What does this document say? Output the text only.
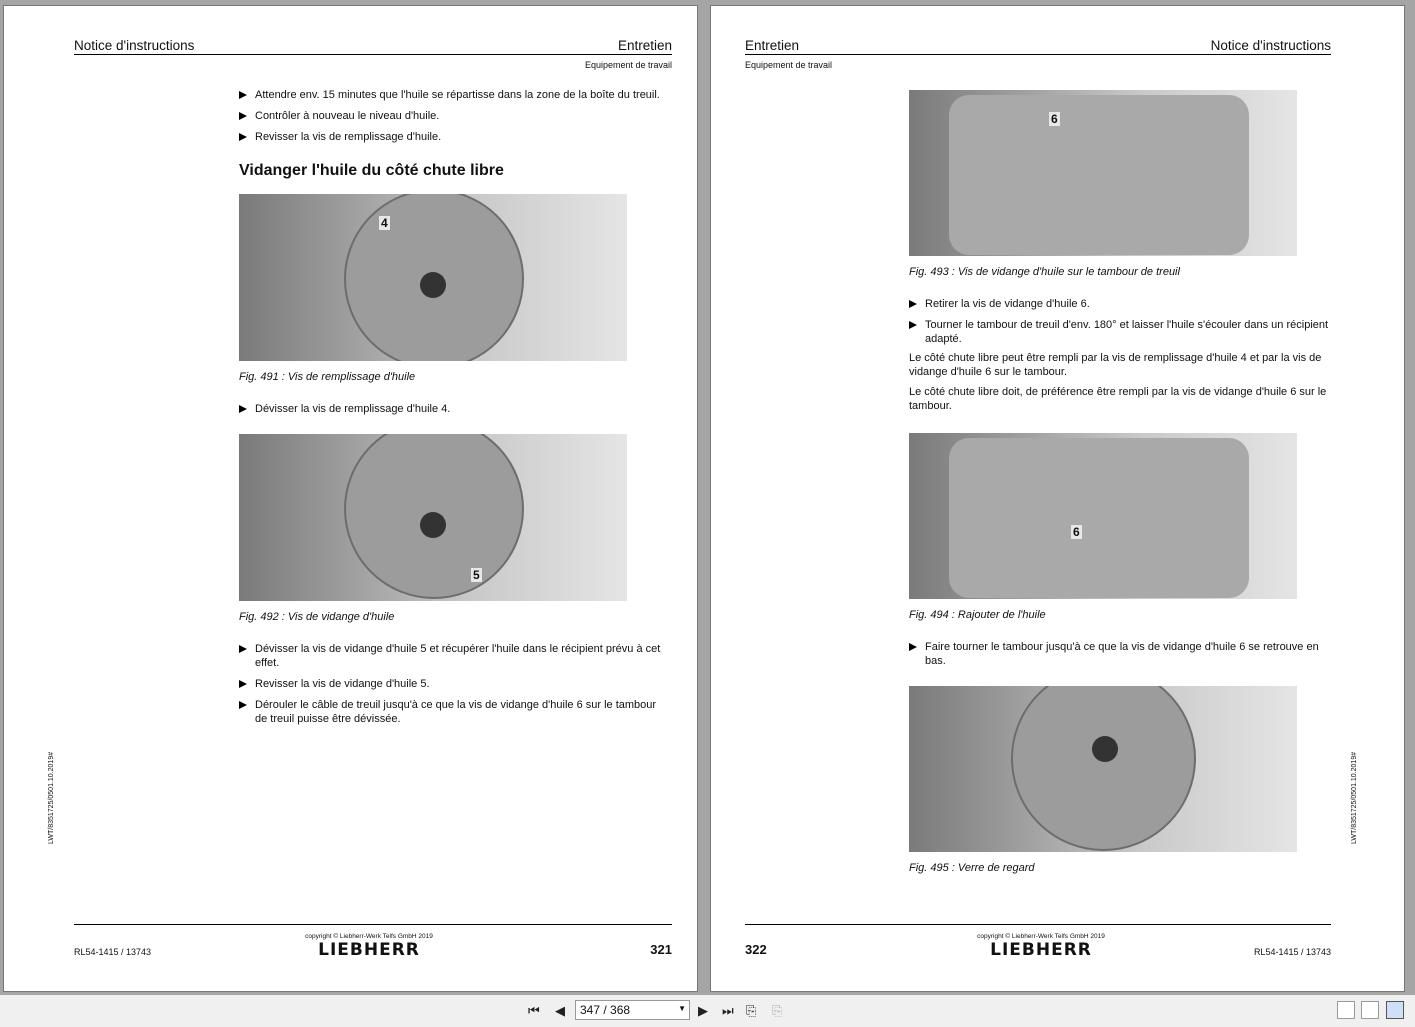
Notice d'instructions	Entretien
Equipement de travail
Attendre env. 15 minutes que l'huile se répartisse dans la zone de la boîte du treuil.
Contrôler à nouveau le niveau d'huile.
Revisser la vis de remplissage d'huile.
Vidanger l'huile du côté chute libre
4
Fig. 491 : Vis de remplissage d'huile
Dévisser la vis de remplissage d'huile 4.
5
Fig. 492 : Vis de vidange d'huile
Dévisser la vis de vidange d'huile 5 et récupérer l'huile dans le récipient prévu à cet effet.
Revisser la vis de vidange d'huile 5.
Dérouler le câble de treuil jusqu'à ce que la vis de vidange d'huile 6 sur le tambour de treuil puisse être dévissée.
LWT/8351725/0501.10.2019#
copyright © Liebherr-Werk Telfs GmbH 2019
LIEBHERR
RL54-1415 / 13743	321
Entretien	Notice d'instructions
Equipement de travail
6
Fig. 493 : Vis de vidange d'huile sur le tambour de treuil
Retirer la vis de vidange d'huile 6.
Tourner le tambour de treuil d'env. 180° et laisser l'huile s'écouler dans un récipient adapté.
Le côté chute libre peut être rempli par la vis de remplissage d'huile 4 et par la vis de vidange d'huile 6 sur le tambour.
Le côté chute libre doit, de préférence être rempli par la vis de vidange d'huile 6 sur le tambour.
6
Fig. 494 : Rajouter de l'huile
Faire tourner le tambour jusqu'à ce que la vis de vidange d'huile 6 se retrouve en bas.
Fig. 495 : Verre de regard
LWT/8351725/0501.10.2019#
copyright © Liebherr-Werk Telfs GmbH 2019
LIEBHERR
322	RL54-1415 / 13743
⏮ ◀	347 / 368	▼ ▶ ⏭ ⎘ ⎘
